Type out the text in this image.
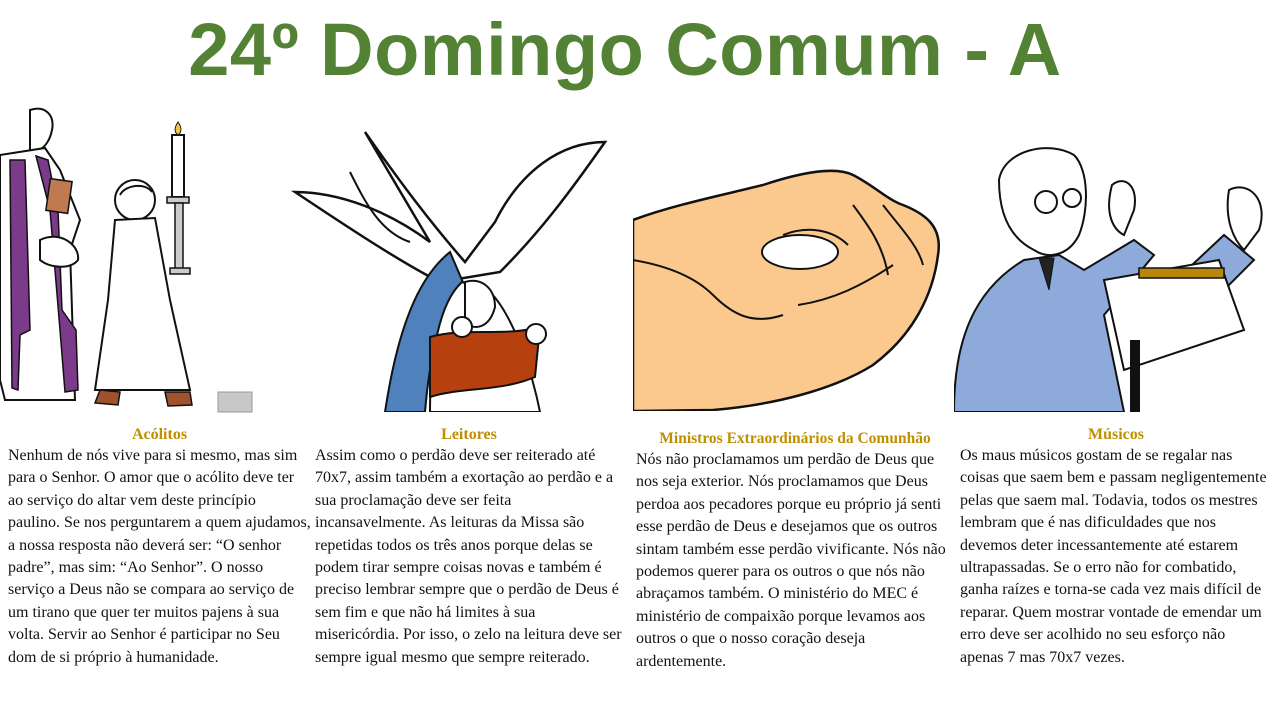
24º Domingo Comum - A
Acólitos

Nenhum de nós vive para si mesmo, mas sim para o Senhor. O amor que o acólito deve ter ao serviço do altar vem deste princípio paulino. Se nos perguntarem a quem ajudamos, a nossa resposta não deverá ser: “O senhor padre”, mas sim: “Ao Senhor”. O nosso serviço a Deus não se compara ao serviço de um tirano que quer ter muitos pajens à sua volta. Servir ao Senhor é participar no Seu dom de si próprio à humanidade.

Leitores

Assim como o perdão deve ser reiterado até 70x7, assim também a exortação ao perdão e a sua proclamação deve ser feita incansavelmente. As leituras da Missa são repetidas todos os três anos porque delas se podem tirar sempre coisas novas e também é preciso lembrar sempre que o perdão de Deus é sem fim e que não há limites à sua misericórdia. Por isso, o zelo na leitura deve ser sempre igual mesmo que sempre reiterado.

Ministros Extraordinários da Comunhão

Nós não proclamamos um perdão de Deus que nos seja exterior. Nós proclamamos que Deus perdoa aos pecadores porque eu próprio já senti esse perdão de Deus e desejamos que os outros sintam também esse perdão vivificante. Nós não podemos querer para os outros o que nós não abraçamos também. O ministério do MEC é ministério de compaixão porque levamos aos outros o que o nosso coração deseja ardentemente.

Músicos

Os maus músicos gostam de se regalar nas coisas que saem bem e passam negligentemente pelas que saem mal. Todavia, todos os mestres lembram que é nas dificuldades que nos devemos deter incessantemente até estarem ultrapassadas. Se o erro não for combatido, ganha raízes e torna-se cada vez mais difícil de reparar. Quem mostrar vontade de emendar um erro deve ser acolhido no seu esforço não apenas 7 mas 70x7 vezes.
